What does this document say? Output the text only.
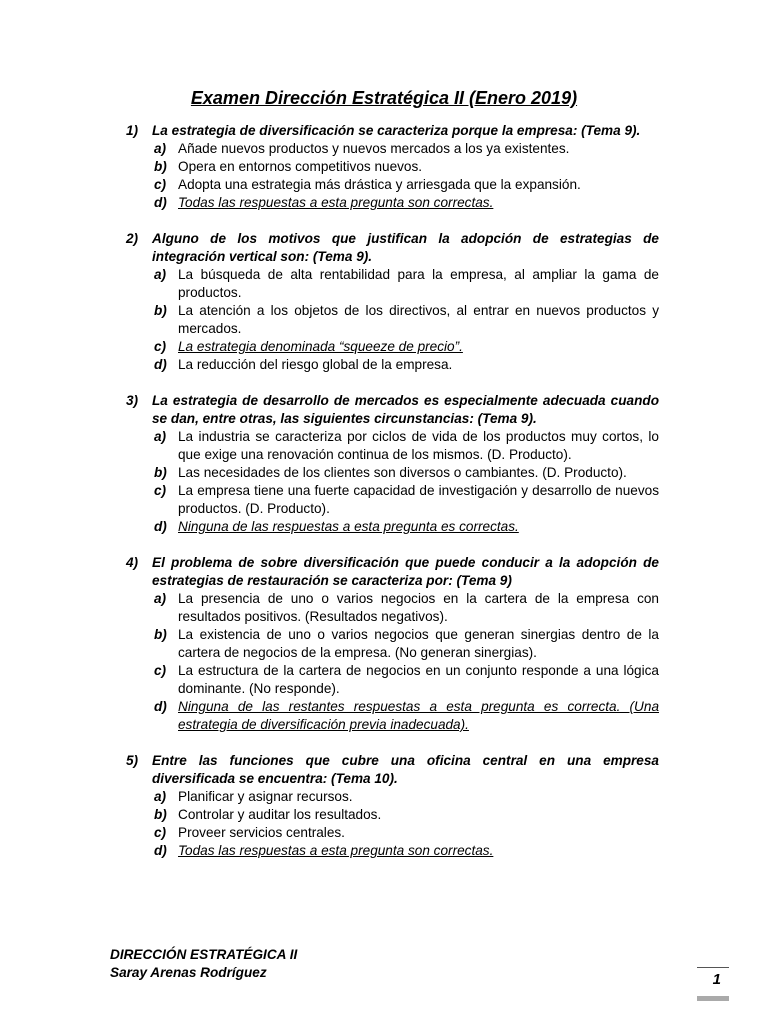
Examen Dirección Estratégica II (Enero 2019)
1)	La estrategia de diversificación se caracteriza porque la empresa: (Tema 9).
a) Añade nuevos productos y nuevos mercados a los ya existentes.
b) Opera en entornos competitivos nuevos.
c) Adopta una estrategia más drástica y arriesgada que la expansión.
d) Todas las respuestas a esta pregunta son correctas.
2)	Alguno de los motivos que justifican la adopción de estrategias de integración vertical son: (Tema 9).
a) La búsqueda de alta rentabilidad para la empresa, al ampliar la gama de productos.
b) La atención a los objetos de los directivos, al entrar en nuevos productos y mercados.
c) La estrategia denominada “squeeze de precio”.
d) La reducción del riesgo global de la empresa.
3)	La estrategia de desarrollo de mercados es especialmente adecuada cuando se dan, entre otras, las siguientes circunstancias: (Tema 9).
a) La industria se caracteriza por ciclos de vida de los productos muy cortos, lo que exige una renovación continua de los mismos. (D. Producto).
b) Las necesidades de los clientes son diversos o cambiantes. (D. Producto).
c) La empresa tiene una fuerte capacidad de investigación y desarrollo de nuevos productos. (D. Producto).
d) Ninguna de las respuestas a esta pregunta es correctas.
4)	El problema de sobre diversificación que puede conducir a la adopción de estrategias de restauración se caracteriza por: (Tema 9)
a) La presencia de uno o varios negocios en la cartera de la empresa con resultados positivos. (Resultados negativos).
b) La existencia de uno o varios negocios que generan sinergias dentro de la cartera de negocios de la empresa. (No generan sinergias).
c) La estructura de la cartera de negocios en un conjunto responde a una lógica dominante. (No responde).
d) Ninguna de las restantes respuestas a esta pregunta es correcta. (Una estrategia de diversificación previa inadecuada).
5)	Entre las funciones que cubre una oficina central en una empresa diversificada se encuentra: (Tema 10).
a) Planificar y asignar recursos.
b) Controlar y auditar los resultados.
c) Proveer servicios centrales.
d) Todas las respuestas a esta pregunta son correctas.
DIRECCIÓN ESTRATÉGICA II
Saray Arenas Rodríguez	1
